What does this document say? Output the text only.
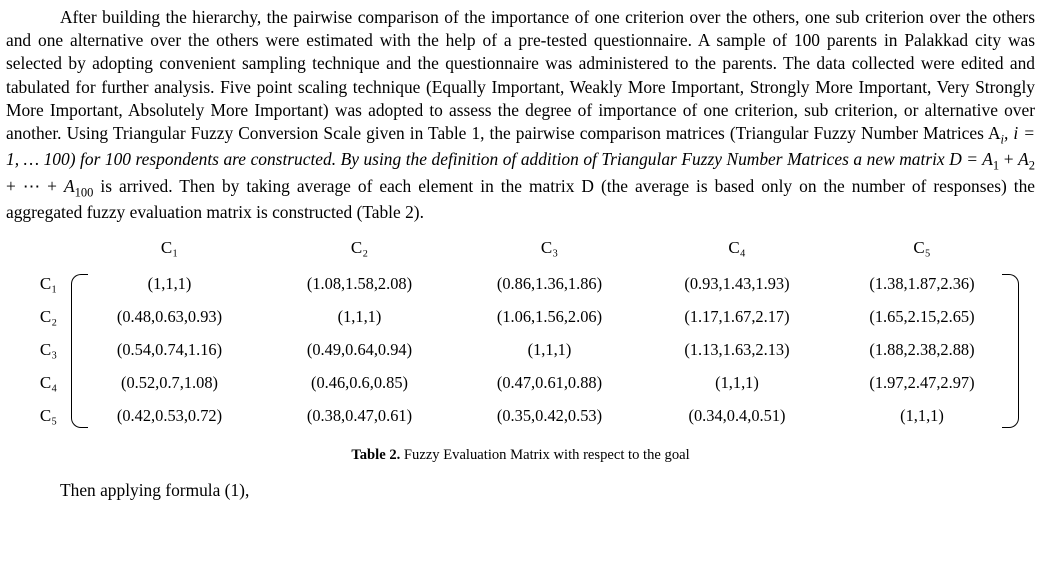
After building the hierarchy, the pairwise comparison of the importance of one criterion over the others, one sub criterion over the others and one alternative over the others were estimated with the help of a pre-tested questionnaire. A sample of 100 parents in Palakkad city was selected by adopting convenient sampling technique and the questionnaire was administered to the parents. The data collected were edited and tabulated for further analysis. Five point scaling technique (Equally Important, Weakly More Important, Strongly More Important, Very Strongly More Important, Absolutely More Important) was adopted to assess the degree of importance of one criterion, sub criterion, or alternative over another. Using Triangular Fuzzy Conversion Scale given in Table 1, the pairwise comparison matrices (Triangular Fuzzy Number Matrices $A_i$, i = 1, … 100) for 100 respondents are constructed. By using the definition of addition of Triangular Fuzzy Number Matrices a new matrix $D = A_1 + A_2$ + ⋯ + $A_{100}$ is arrived. Then by taking average of each element in the matrix D (the average is based only on the number of responses) the aggregated fuzzy evaluation matrix is constructed (Table 2).

C₁	C₂	C₃	C₄	C₅
C₁	(1,1,1)	(1.08,1.58,2.08)	(0.86,1.36,1.86)	(0.93,1.43,1.93)	(1.38,1.87,2.36)
C₂	(0.48,0.63,0.93)	(1,1,1)	(1.06,1.56,2.06)	(1.17,1.67,2.17)	(1.65,2.15,2.65)
C₃	(0.54,0.74,1.16)	(0.49,0.64,0.94)	(1,1,1)	(1.13,1.63,2.13)	(1.88,2.38,2.88)
C₄	(0.52,0.7,1.08)	(0.46,0.6,0.85)	(0.47,0.61,0.88)	(1,1,1)	(1.97,2.47,2.97)
C₅	(0.42,0.53,0.72)	(0.38,0.47,0.61)	(0.35,0.42,0.53)	(0.34,0.4,0.51)	(1,1,1)
Table 2. Fuzzy Evaluation Matrix with respect to the goal
Then applying formula (1),
